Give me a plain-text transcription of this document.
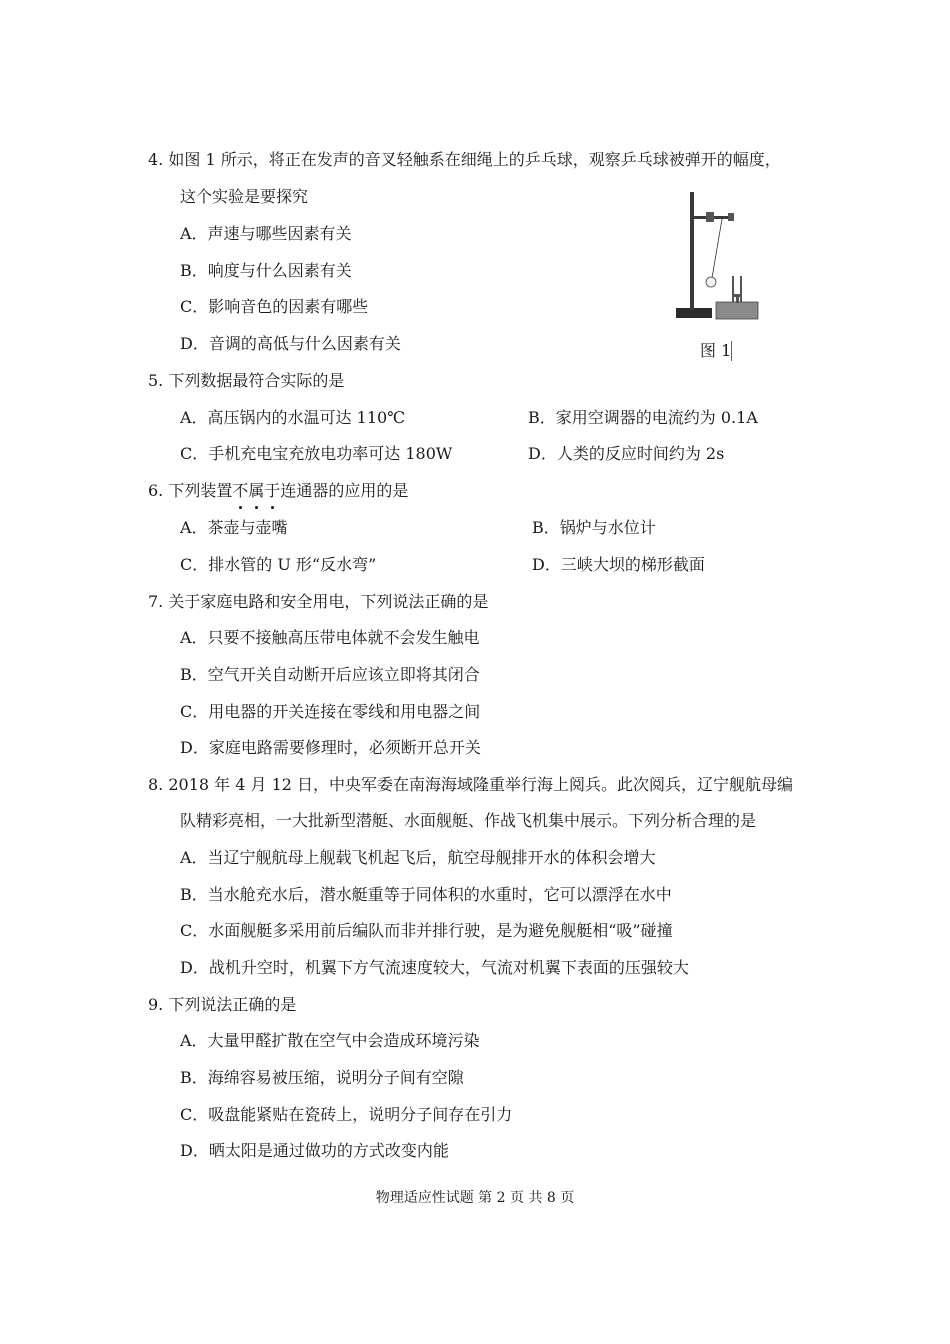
4. 如图 1 所示，将正在发声的音叉轻触系在细绳上的乒乓球，观察乒乓球被弹开的幅度，
这个实验是要探究
A．声速与哪些因素有关
B．响度与什么因素有关
C．影响音色的因素有哪些
D．音调的高低与什么因素有关	图 1
5. 下列数据最符合实际的是
A．高压锅内的水温可达 110℃	B．家用空调器的电流约为 0.1A
C．手机充电宝充放电功率可达 180W	D．人类的反应时间约为 2s
6. 下列装置不
属
于
连通器的应用的是
A．茶壶与壶嘴	B．锅炉与水位计
C．排水管的 U 形“反水弯”	D．三峡大坝的梯形截面
7. 关于家庭电路和安全用电，下列说法正确的是
A．只要不接触高压带电体就不会发生触电
B．空气开关自动断开后应该立即将其闭合
C．用电器的开关连接在零线和用电器之间
D．家庭电路需要修理时，必须断开总开关
8. 2018 年 4 月 12 日，中央军委在南海海域隆重举行海上阅兵。此次阅兵，辽宁舰航母编
队精彩亮相，一大批新型潜艇、水面舰艇、作战飞机集中展示。下列分析合理的是
A．当辽宁舰航母上舰载飞机起飞后，航空母舰排开水的体积会增大
B．当水舱充水后，潜水艇重等于同体积的水重时，它可以漂浮在水中
C．水面舰艇多采用前后编队而非并排行驶，是为避免舰艇相“吸”碰撞
D．战机升空时，机翼下方气流速度较大，气流对机翼下表面的压强较大
9. 下列说法正确的是
A．大量甲醛扩散在空气中会造成环境污染
B．海绵容易被压缩，说明分子间有空隙
C．吸盘能紧贴在瓷砖上，说明分子间存在引力
D．晒太阳是通过做功的方式改变内能
物理适应性试题 第 2 页 共 8 页
